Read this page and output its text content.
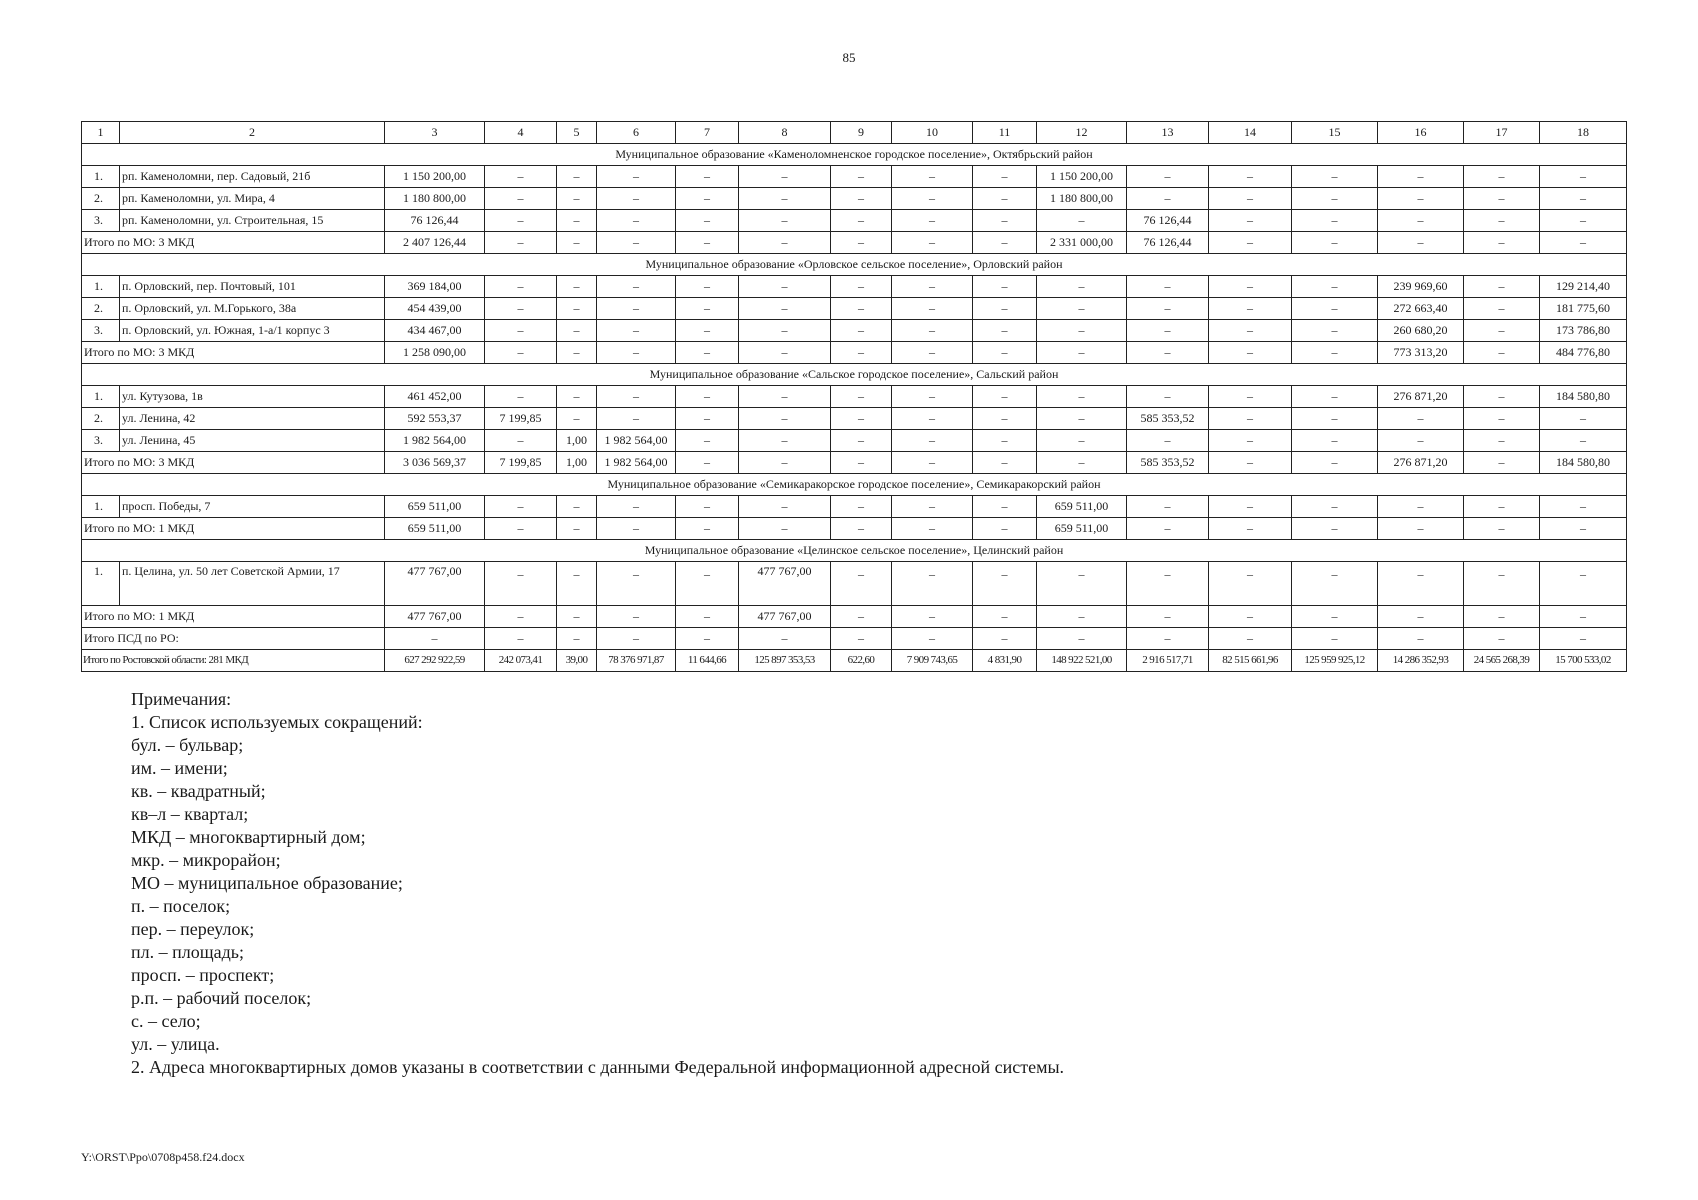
85
1	2	3	4	5	6	7	8	9	10	11	12	13	14	15	16	17	18
Муниципальное образование «Каменоломненское городское поселение», Октябрьский район																	
1.	рп. Каменоломни, пер. Садовый, 21б	1 150 200,00	–	–	–	–	–	–	–	–	1 150 200,00	–	–	–	–	–	–
2.	рп. Каменоломни, ул. Мира, 4	1 180 800,00	–	–	–	–	–	–	–	–	1 180 800,00	–	–	–	–	–	–
3.	рп. Каменоломни, ул. Строительная, 15	76 126,44	–	–	–	–	–	–	–	–	–	76 126,44	–	–	–	–	–
Итого по МО: 3 МКД		2 407 126,44	–	–	–	–	–	–	–	–	2 331 000,00	76 126,44	–	–	–	–	–
Муниципальное образование «Орловское сельское поселение», Орловский район																	
1.	п. Орловский, пер. Почтовый, 101	369 184,00	–	–	–	–	–	–	–	–	–	–	–	–	239 969,60	–	129 214,40
2.	п. Орловский, ул. М.Горького, 38а	454 439,00	–	–	–	–	–	–	–	–	–	–	–	–	272 663,40	–	181 775,60
3.	п. Орловский, ул. Южная, 1-а/1 корпус 3	434 467,00	–	–	–	–	–	–	–	–	–	–	–	–	260 680,20	–	173 786,80
Итого по МО: 3 МКД		1 258 090,00	–	–	–	–	–	–	–	–	–	–	–	–	773 313,20	–	484 776,80
Муниципальное образование «Сальское городское поселение», Сальский район																	
1.	ул. Кутузова, 1в	461 452,00	–	–	–	–	–	–	–	–	–	–	–	–	276 871,20	–	184 580,80
2.	ул. Ленина, 42	592 553,37	7 199,85	–	–	–	–	–	–	–	–	585 353,52	–	–	–	–	–
3.	ул. Ленина, 45	1 982 564,00	–	1,00	1 982 564,00	–	–	–	–	–	–	–	–	–	–	–	–
Итого по МО: 3 МКД		3 036 569,37	7 199,85	1,00	1 982 564,00	–	–	–	–	–	–	585 353,52	–	–	276 871,20	–	184 580,80
Муниципальное образование «Семикаракорское городское поселение», Семикаракорский район																	
1.	просп. Победы, 7	659 511,00	–	–	–	–	–	–	–	–	659 511,00	–	–	–	–	–	–
Итого по МО: 1 МКД		659 511,00	–	–	–	–	–	–	–	–	659 511,00	–	–	–	–	–	–
Муниципальное образование «Целинское сельское поселение», Целинский район																	
1.	п. Целина, ул. 50 лет Советской Армии, 17	477 767,00	–	–	–	–	477 767,00	–	–	–	–	–	–	–	–	–	–
Итого по МО: 1 МКД		477 767,00	–	–	–	–	477 767,00	–	–	–	–	–	–	–	–	–	–
Итого ПСД по РО:		–	–	–	–	–	–	–	–	–	–	–	–	–	–	–	–
Итого по Ростовской области: 281 МКД		627 292 922,59	242 073,41	39,00	78 376 971,87	11 644,66	125 897 353,53	622,60	7 909 743,65	4 831,90	148 922 521,00	2 916 517,71	82 515 661,96	125 959 925,12	14 286 352,93	24 565 268,39	15 700 533,02
Примечания:
1. Список используемых сокращений:
бул. – бульвар;
им. – имени;
кв. – квадратный;
кв–л – квартал;
МКД – многоквартирный дом;
мкр. – микрорайон;
МО – муниципальное образование;
п. – поселок;
пер. – переулок;
пл. – площадь;
просп. – проспект;
р.п. – рабочий поселок;
с. – село;
ул. – улица.
2. Адреса многоквартирных домов указаны в соответствии с данными Федеральной информационной адресной системы.
Y:\ORST\Ppo\0708p458.f24.docx
